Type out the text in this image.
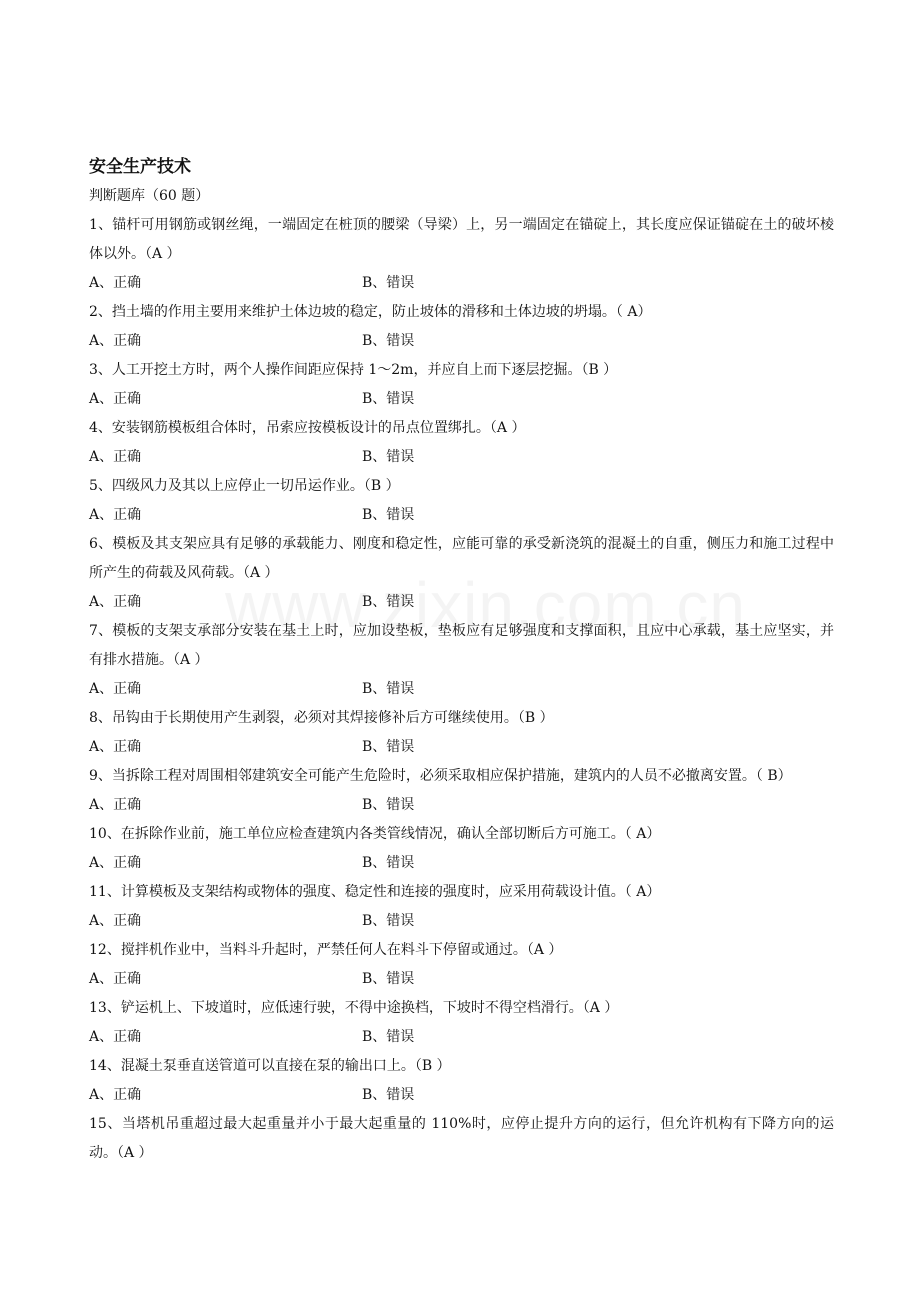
安全生产技术
判断题库（60 题）
1、锚杆可用钢筋或钢丝绳，一端固定在桩顶的腰梁（导梁）上，另一端固定在锚碇上，其长度应保证锚碇在土的破坏棱体以外。（A ）
A、正确	B、错误
2、挡土墙的作用主要用来维护土体边坡的稳定，防止坡体的滑移和土体边坡的坍塌。（ A）
A、正确	B、错误
3、人工开挖土方时，两个人操作间距应保持 1～2m，并应自上而下逐层挖掘。（B ）
A、正确	B、错误
4、安装钢筋模板组合体时，吊索应按模板设计的吊点位置绑扎。（A ）
A、正确	B、错误
5、四级风力及其以上应停止一切吊运作业。（B ）
A、正确	B、错误
6、模板及其支架应具有足够的承载能力、刚度和稳定性，应能可靠的承受新浇筑的混凝土的自重，侧压力和施工过程中所产生的荷载及风荷载。（A ）
A、正确	B、错误
7、模板的支架支承部分安装在基土上时，应加设垫板，垫板应有足够强度和支撑面积，且应中心承载，基土应坚实，并有排水措施。（A ）
A、正确	B、错误
8、吊钩由于长期使用产生剥裂，必须对其焊接修补后方可继续使用。（B ）
A、正确	B、错误
9、当拆除工程对周围相邻建筑安全可能产生危险时，必须采取相应保护措施，建筑内的人员不必撤离安置。（ B）
A、正确	B、错误
10、在拆除作业前，施工单位应检查建筑内各类管线情况，确认全部切断后方可施工。（ A）
A、正确	B、错误
11、计算模板及支架结构或物体的强度、稳定性和连接的强度时，应采用荷载设计值。（ A）
A、正确	B、错误
12、搅拌机作业中，当料斗升起时，严禁任何人在料斗下停留或通过。（A ）
A、正确	B、错误
13、铲运机上、下坡道时，应低速行驶，不得中途换档，下坡时不得空档滑行。（A ）
A、正确	B、错误
14、混凝土泵垂直送管道可以直接在泵的输出口上。（B ）
A、正确	B、错误
15、当塔机吊重超过最大起重量并小于最大起重量的 110%时，应停止提升方向的运行，但允许机构有下降方向的运动。（A ）
